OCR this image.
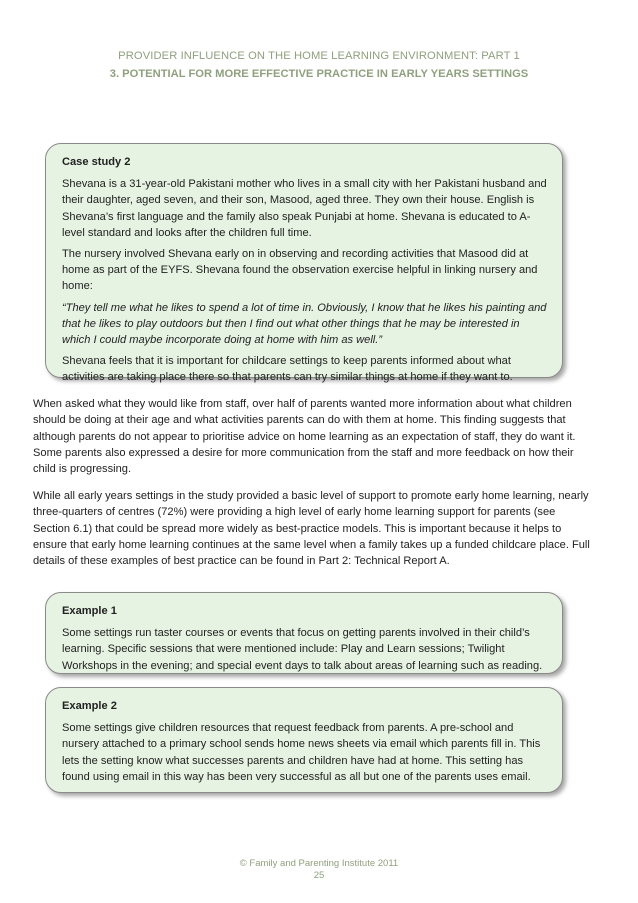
PROVIDER INFLUENCE ON THE HOME LEARNING ENVIRONMENT: PART 1
3. POTENTIAL FOR MORE EFFECTIVE PRACTICE IN EARLY YEARS SETTINGS
Case study 2

Shevana is a 31-year-old Pakistani mother who lives in a small city with her Pakistani husband and their daughter, aged seven, and their son, Masood, aged three. They own their house. English is Shevana’s first language and the family also speak Punjabi at home. Shevana is educated to A-level standard and looks after the children full time.

The nursery involved Shevana early on in observing and recording activities that Masood did at home as part of the EYFS. Shevana found the observation exercise helpful in linking nursery and home:

“They tell me what he likes to spend a lot of time in. Obviously, I know that he likes his painting and that he likes to play outdoors but then I find out what other things that he may be interested in which I could maybe incorporate doing at home with him as well.”

Shevana feels that it is important for childcare settings to keep parents informed about what activities are taking place there so that parents can try similar things at home if they want to.

When asked what they would like from staff, over half of parents wanted more information about what children should be doing at their age and what activities parents can do with them at home. This finding suggests that although parents do not appear to prioritise advice on home learning as an expectation of staff, they do want it. Some parents also expressed a desire for more communication from the staff and more feedback on how their child is progressing.

While all early years settings in the study provided a basic level of support to promote early home learning, nearly three-quarters of centres (72%) were providing a high level of early home learning support for parents (see Section 6.1) that could be spread more widely as best-practice models. This is important because it helps to ensure that early home learning continues at the same level when a family takes up a funded childcare place. Full details of these examples of best practice can be found in Part 2: Technical Report A.

Example 1

Some settings run taster courses or events that focus on getting parents involved in their child’s learning. Specific sessions that were mentioned include: Play and Learn sessions; Twilight Workshops in the evening; and special event days to talk about areas of learning such as reading.

Example 2

Some settings give children resources that request feedback from parents. A pre-school and nursery attached to a primary school sends home news sheets via email which parents fill in. This lets the setting know what successes parents and children have had at home. This setting has found using email in this way has been very successful as all but one of the parents uses email.

© Family and Parenting Institute 2011
25
